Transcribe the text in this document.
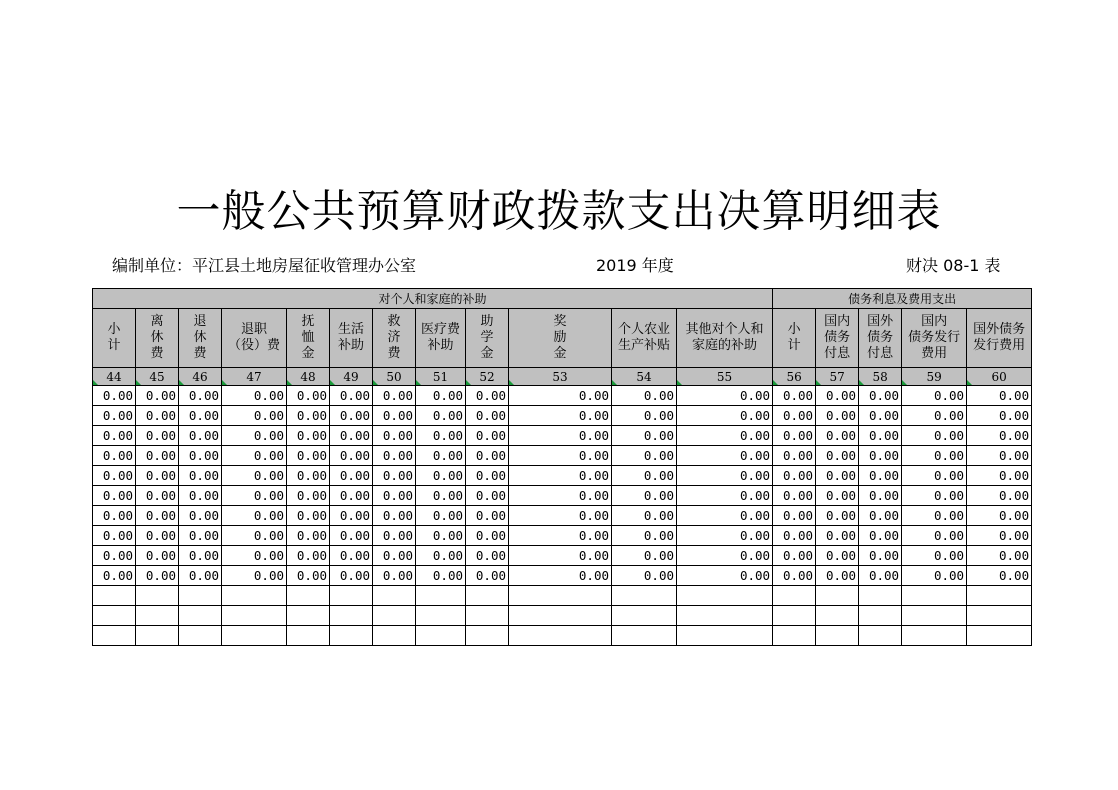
一般公共预算财政拨款支出决算明细表
编制单位：平江县土地房屋征收管理办公室	2019 年度	财决 08-1 表
对个人和家庭的补助												债务利息及费用支出				

小
计	离
休
费	退
休
费	退职
（役）费	抚
恤
金	生活
补助	救
济
费	医疗费
补助	助
学
金	奖
励
金	个人农业
生产补贴	其他对个人和
家庭的补助	小
计	国内
债务
付息	国外
债务
付息	国内
债务发行
费用	国外债务
发行费用

44	45	46	47	48	49	50	51	52	53	54	55	56	57	58	59	60
0.00	0.00	0.00	0.00	0.00	0.00	0.00	0.00	0.00	0.00	0.00	0.00	0.00	0.00	0.00	0.00	0.00
0.00	0.00	0.00	0.00	0.00	0.00	0.00	0.00	0.00	0.00	0.00	0.00	0.00	0.00	0.00	0.00	0.00
0.00	0.00	0.00	0.00	0.00	0.00	0.00	0.00	0.00	0.00	0.00	0.00	0.00	0.00	0.00	0.00	0.00
0.00	0.00	0.00	0.00	0.00	0.00	0.00	0.00	0.00	0.00	0.00	0.00	0.00	0.00	0.00	0.00	0.00
0.00	0.00	0.00	0.00	0.00	0.00	0.00	0.00	0.00	0.00	0.00	0.00	0.00	0.00	0.00	0.00	0.00
0.00	0.00	0.00	0.00	0.00	0.00	0.00	0.00	0.00	0.00	0.00	0.00	0.00	0.00	0.00	0.00	0.00
0.00	0.00	0.00	0.00	0.00	0.00	0.00	0.00	0.00	0.00	0.00	0.00	0.00	0.00	0.00	0.00	0.00
0.00	0.00	0.00	0.00	0.00	0.00	0.00	0.00	0.00	0.00	0.00	0.00	0.00	0.00	0.00	0.00	0.00
0.00	0.00	0.00	0.00	0.00	0.00	0.00	0.00	0.00	0.00	0.00	0.00	0.00	0.00	0.00	0.00	0.00
0.00	0.00	0.00	0.00	0.00	0.00	0.00	0.00	0.00	0.00	0.00	0.00	0.00	0.00	0.00	0.00	0.00
